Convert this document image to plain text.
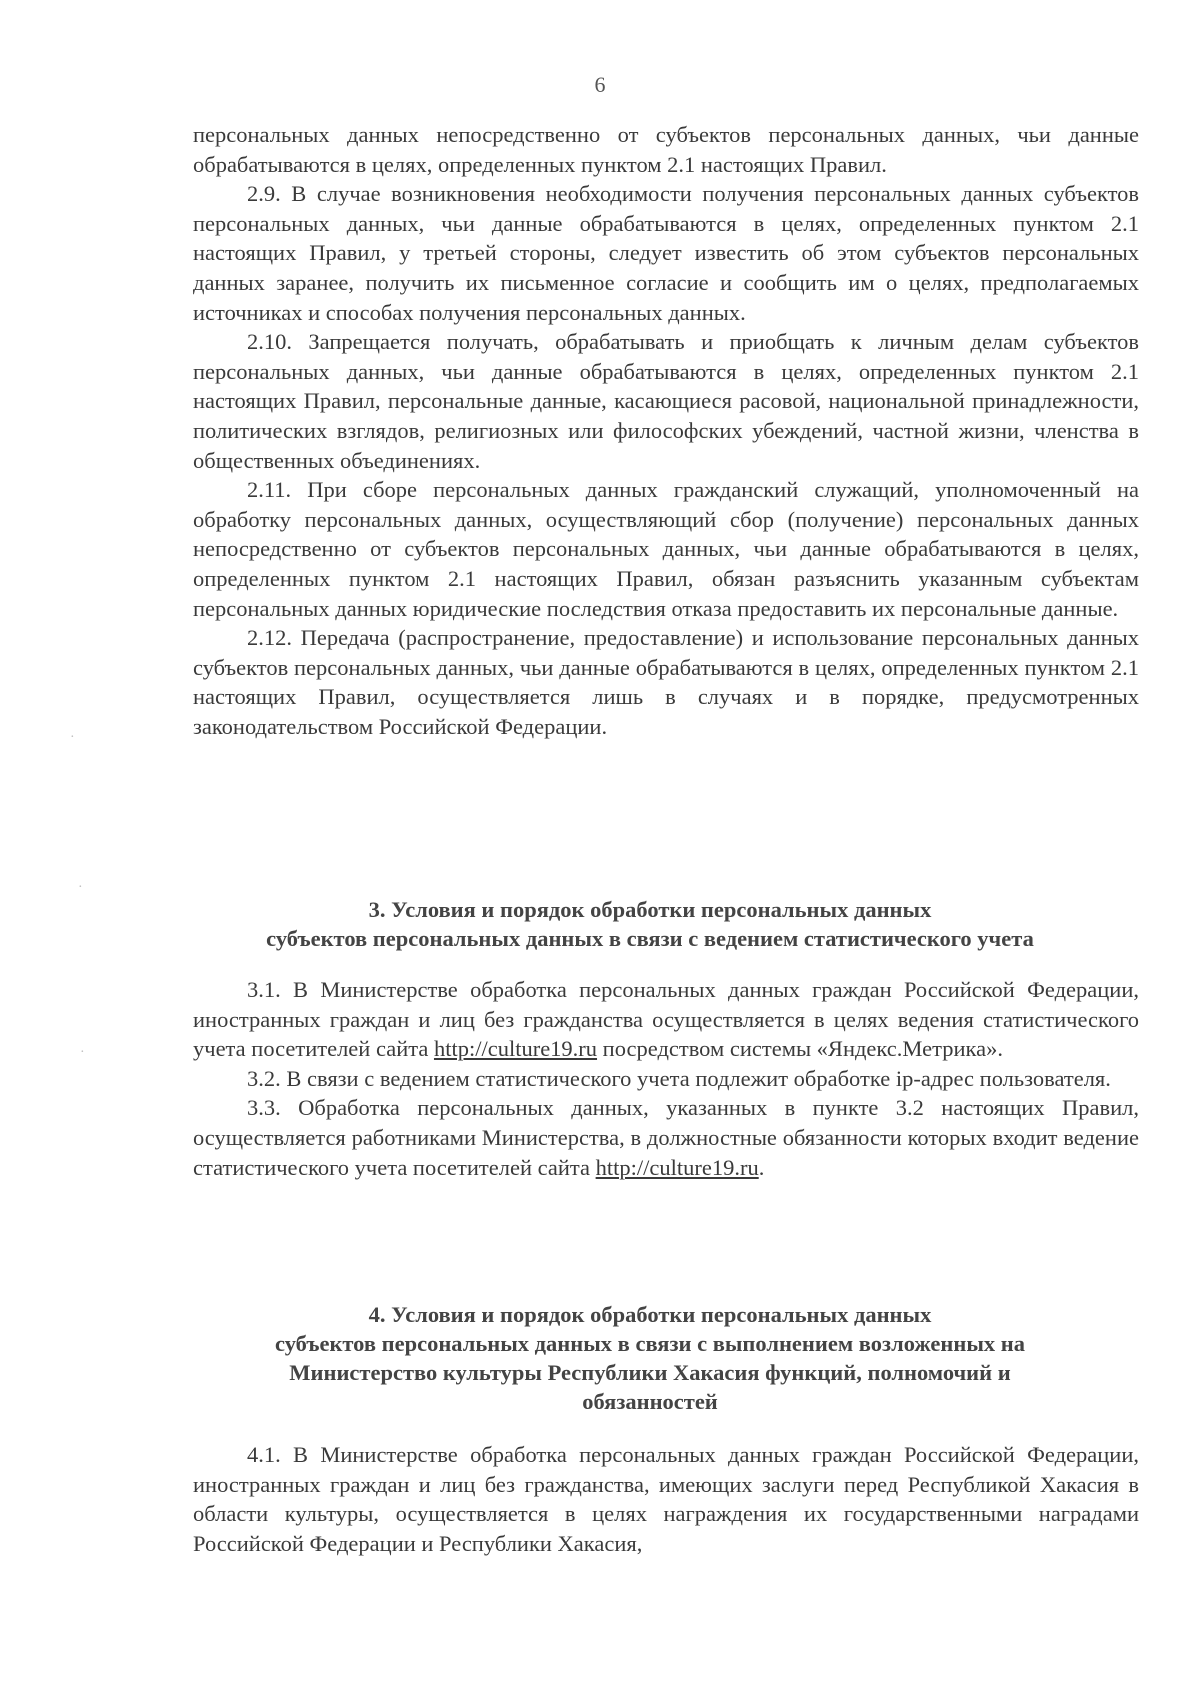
6

персональных данных непосредственно от субъектов персональных данных, чьи данные обрабатываются в целях, определенных пунктом 2.1 настоящих Правил.

2.9. В случае возникновения необходимости получения персональных данных субъектов персональных данных, чьи данные обрабатываются в целях, определенных пунктом 2.1 настоящих Правил, у третьей стороны, следует известить об этом субъектов персональных данных заранее, получить их письменное согласие и сообщить им о целях, предполагаемых источниках и способах получения персональных данных.

2.10. Запрещается получать, обрабатывать и приобщать к личным делам субъектов персональных данных, чьи данные обрабатываются в целях, определенных пунктом 2.1 настоящих Правил, персональные данные, касающиеся расовой, национальной принадлежности, политических взглядов, религиозных или философских убеждений, частной жизни, членства в общественных объединениях.

2.11. При сборе персональных данных гражданский служащий, уполномоченный на обработку персональных данных, осуществляющий сбор (получение) персональных данных непосредственно от субъектов персональных данных, чьи данные обрабатываются в целях, определенных пунктом 2.1 настоящих Правил, обязан разъяснить указанным субъектам персональных данных юридические последствия отказа предоставить их персональные данные.

2.12. Передача (распространение, предоставление) и использование персональных данных субъектов персональных данных, чьи данные обрабатываются в целях, определенных пунктом 2.1 настоящих Правил, осуществляется лишь в случаях и в порядке, предусмотренных законодательством Российской Федерации.

3. Условия и порядок обработки персональных данных
субъектов персональных данных в связи с ведением статистического учета

3.1. В Министерстве обработка персональных данных граждан Российской Федерации, иностранных граждан и лиц без гражданства осуществляется в целях ведения статистического учета посетителей сайта http://culture19.ru посредством системы «Яндекс.Метрика».

3.2. В связи с ведением статистического учета подлежит обработке ip-адрес пользователя.

3.3. Обработка персональных данных, указанных в пункте 3.2 настоящих Правил, осуществляется работниками Министерства, в должностные обязанности которых входит ведение статистического учета посетителей сайта http://culture19.ru.

4. Условия и порядок обработки персональных данных
субъектов персональных данных в связи с выполнением возложенных на
Министерство культуры Республики Хакасия функций, полномочий и
обязанностей

4.1. В Министерстве обработка персональных данных граждан Российской Федерации, иностранных граждан и лиц без гражданства, имеющих заслуги перед Республикой Хакасия в области культуры, осуществляется в целях награждения их государственными наградами Российской Федерации и Республики Хакасия,

·
·
·
